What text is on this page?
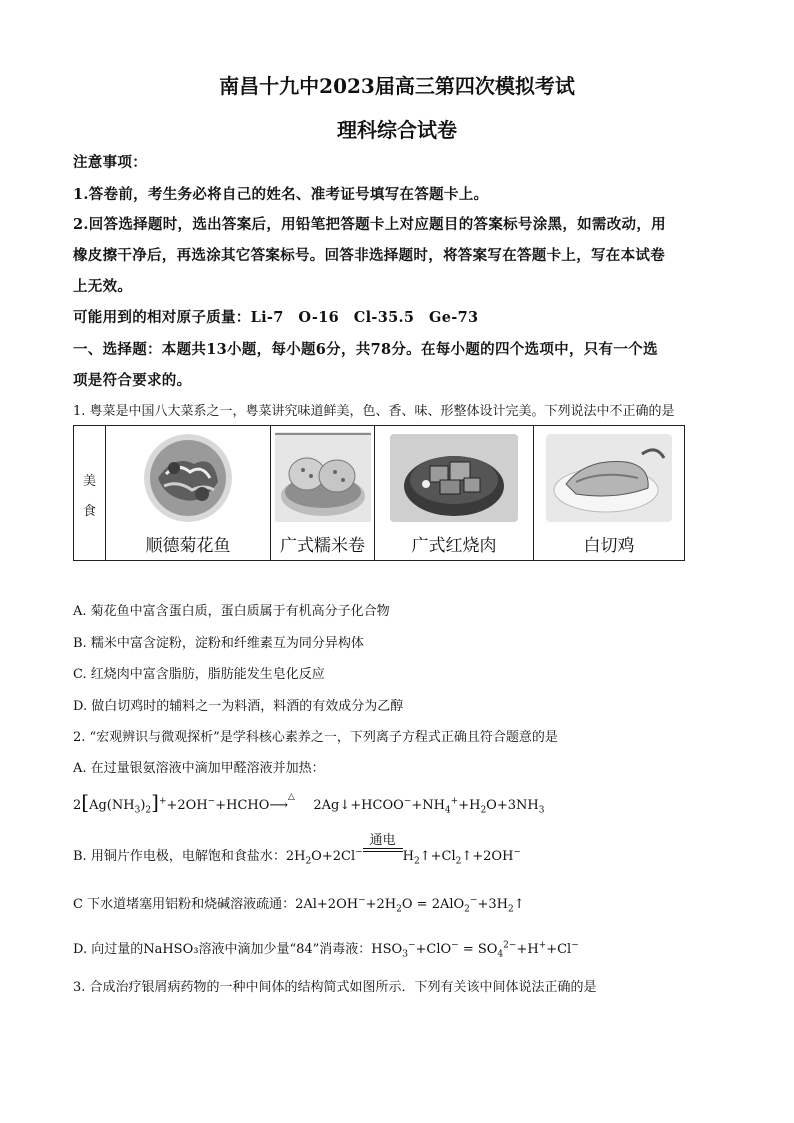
南昌十九中2023届高三第四次模拟考试
理科综合试卷
注意事项：
1.答卷前，考生务必将自己的姓名、准考证号填写在答题卡上。
2.回答选择题时，选出答案后，用铅笔把答题卡上对应题目的答案标号涂黑，如需改动，用
橡皮擦干净后，再选涂其它答案标号。回答非选择题时，将答案写在答题卡上，写在本试卷
上无效。
可能用到的相对原子质量：Li-7　O-16　Cl-35.5　Ge-73
一、选择题：本题共13小题，每小题6分，共78分。在每小题的四个选项中，只有一个选
项是符合要求的。
1. 粤菜是中国八大菜系之一，粤菜讲究味道鲜美，色、香、味、形整体设计完美。下列说法中不正确的是
美
食
顺德菊花鱼	广式糯米卷	广式红烧肉	白切鸡
A. 菊花鱼中富含蛋白质，蛋白质属于有机高分子化合物
B. 糯米中富含淀粉，淀粉和纤维素互为同分异构体
C. 红烧肉中富含脂肪，脂肪能发生皂化反应
D. 做白切鸡时的辅料之一为料酒，料酒的有效成分为乙醇
2. “宏观辨识与微观探析”是学科核心素养之一，下列离子方程式正确且符合题意的是
A. 在过量银氨溶液中滴加甲醛溶液并加热：
$2[Ag(NH_3)_2]^++2OH^-+HCHO$
△
⟶ $2Ag↓+HCOO^-+NH_4^++H_2O+3NH_3$
B. 用铜片作电极，电解饱和食盐水：$2H_2O+2Cl^-$
通电
$H_2↑+Cl_2↑+2OH^-$
C 下水道堵塞用铝粉和烧碱溶液疏通：$2Al+2OH^-+2H_2O$ = $2AlO_2^-+3H_2↑$
D. 向过量的NaHSO₃溶液中滴加少量“84”消毒液：$HSO_3^-+ClO^- = SO_4^{2-}+H^++Cl^-$
3. 合成治疗银屑病药物的一种中间体的结构简式如图所示．下列有关该中间体说法正确的是
